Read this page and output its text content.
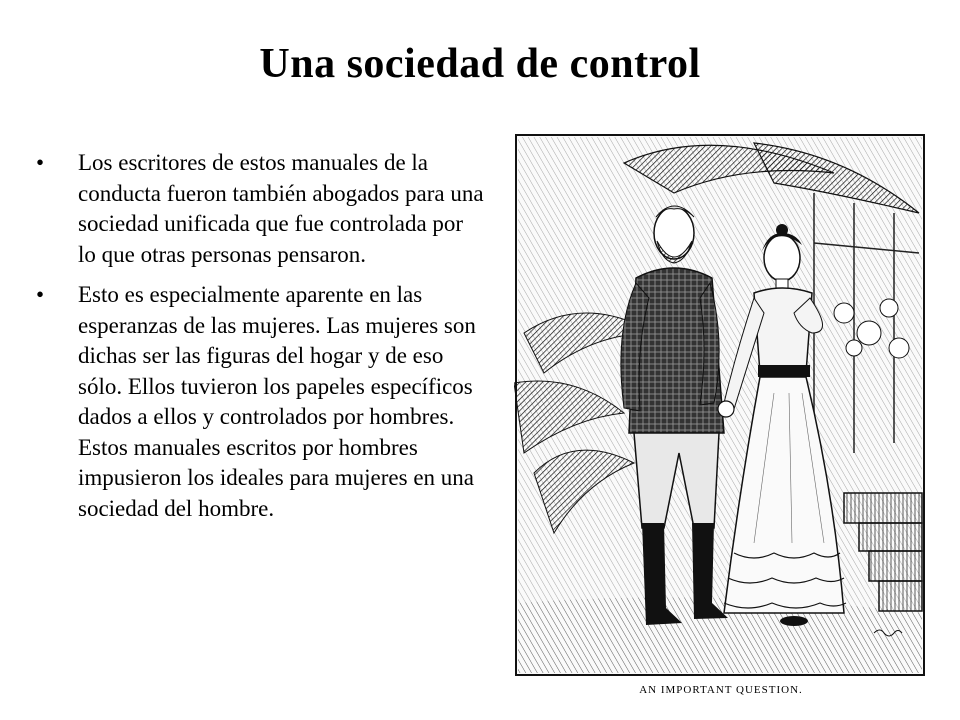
Una sociedad de control
• Los escritores de estos manuales de la conducta fueron también abogados para una sociedad unificada que fue controlada por lo que otras personas pensaron.
• Esto es especialmente aparente en las esperanzas de las mujeres. Las mujeres son dichas ser las figuras del hogar y de eso sólo. Ellos tuvieron los papeles específicos dados a ellos y controlados por hombres. Estos manuales escritos por hombres impusieron los ideales para mujeres en una sociedad del hombre.
AN IMPORTANT QUESTION.
